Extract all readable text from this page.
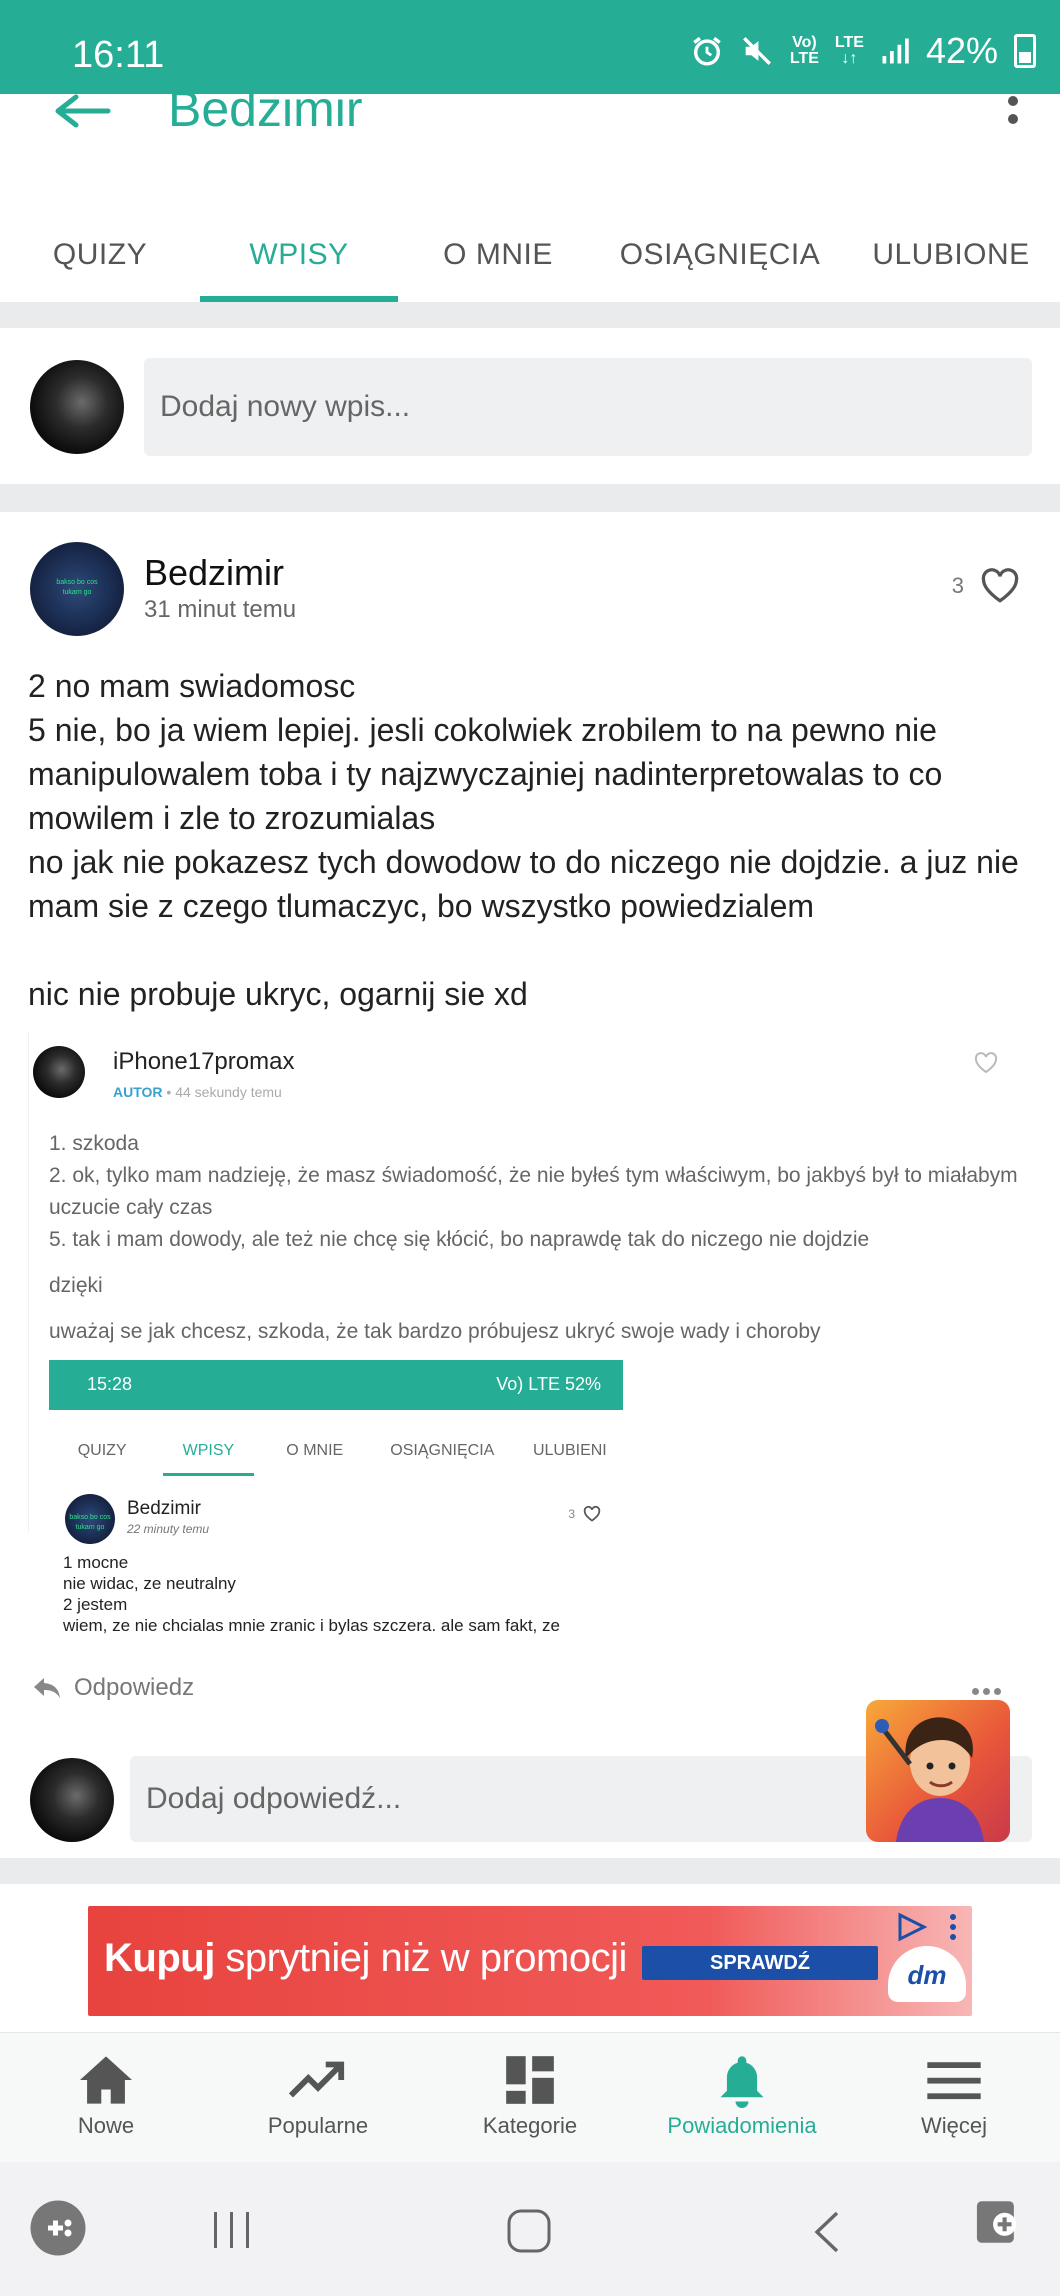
16:11	Vo)
LTE
LTE
↓↑ 42%
Bedzimir
QUIZY	WPISY	O MNIE	OSIĄGNIĘCIA	ULUBIONE
Dodaj nowy wpis...
bakso bo cos tukam go
Bedzimir
31 minut temu
3

2 no mam swiadomosc

5 nie, bo ja wiem lepiej. jesli cokolwiek zrobilem to na pewno nie manipulowalem toba i ty najzwyczajniej nadinterpretowalas to co mowilem i zle to zrozumialas

no jak nie pokazesz tych dowodow to do niczego nie dojdzie. a juz nie mam sie z czego tlumaczyc, bo wszystko powiedzialem

nic nie probuje ukryc, ogarnij sie xd

iPhone17promax
AUTOR • 44 sekundy temu

1. szkoda

2. ok, tylko mam nadzieję, że masz świadomość, że nie byłeś tym właściwym, bo jakbyś był to miałabym uczucie cały czas

5. tak i mam dowody, ale też nie chcę się kłócić, bo naprawdę tak do niczego nie dojdzie

dzięki

uważaj se jak chcesz, szkoda, że tak bardzo próbujesz ukryć swoje wady i choroby

15:28	Vo) LTE 52%
QUIZY	WPISY	O MNIE	OSIĄGNIĘCIA	ULUBIENI
bakso bo cos tukam go
Bedzimir
22 minuty temu
3
1 mocne
nie widac, ze neutralny
2 jestem
wiem, ze nie chcialas mnie zranic i bylas szczera. ale sam fakt, ze
Odpowiedz
Dodaj odpowiedź...
Kupuj sprytniej niż w promocji	SPRAWDŹ	dm
Nowe	Popularne	Kategorie	Powiadomienia	Więcej
